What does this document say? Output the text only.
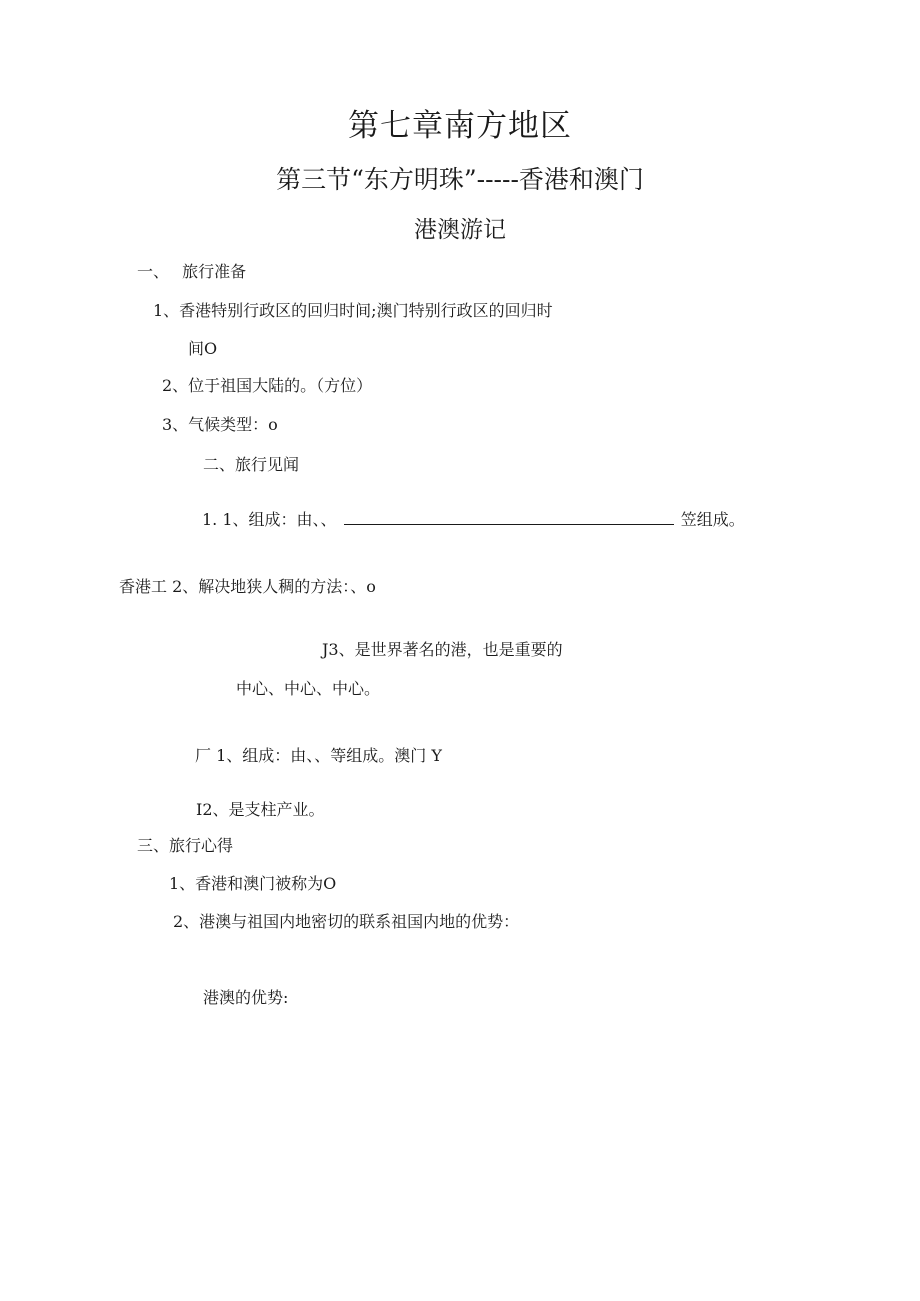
第七章南方地区
第三节“东方明珠”-----香港和澳门
港澳游记
一、　 旅行准备
1、香港特别行政区的回归时间;澳门特别行政区的回归时
间O
2、位于祖国大陆的。（方位）
3、气候类型：o
二、旅行见闻
1. 1、组成：由、、	笠组成。
香港工 2、解决地狭人稠的方法：、o
J3、是世界著名的港，也是重要的
中心、中心、中心。
厂 1、组成：由、、等组成。澳门 Y
I2、是支柱产业。
三、旅行心得
1、香港和澳门被称为O
2、港澳与祖国内地密切的联系祖国内地的优势：
港澳的优势:
